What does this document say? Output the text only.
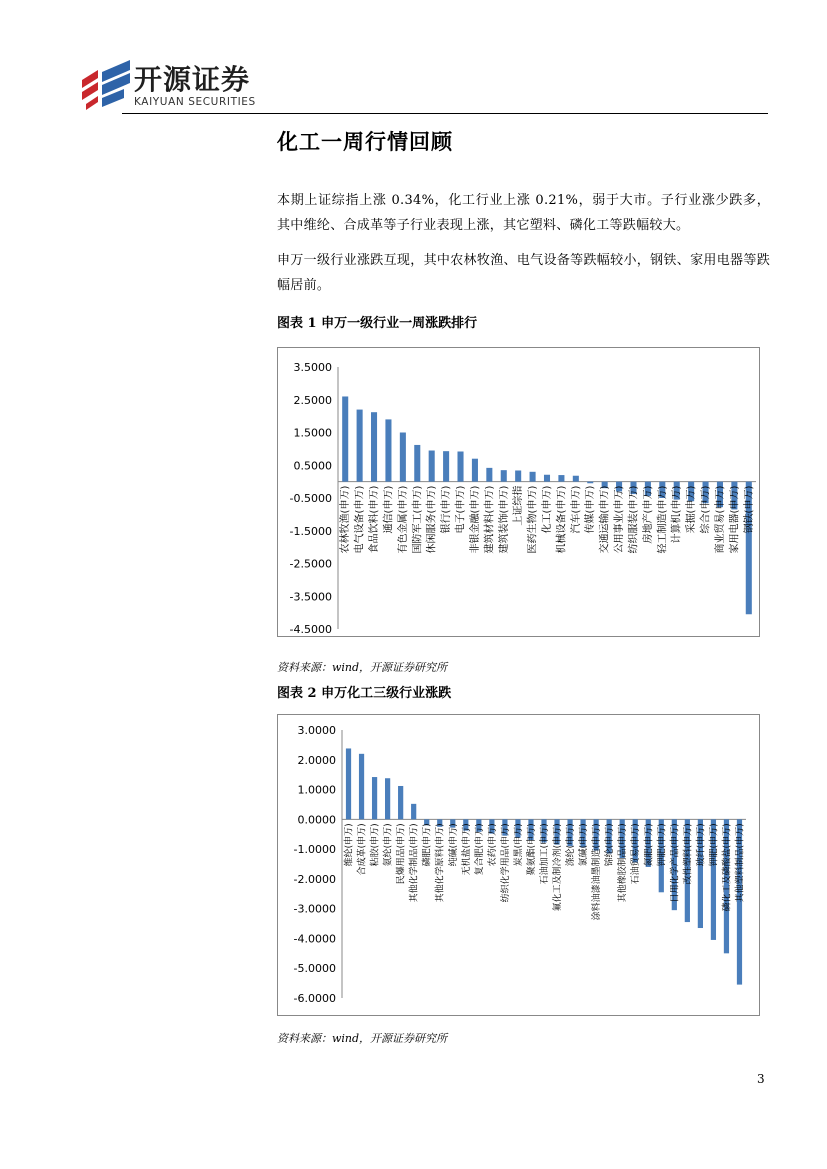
开源证券
KAIYUAN SECURITIES
化工一周行情回顾
本期上证综指上涨 0.34%，化工行业上涨 0.21%，弱于大市。子行业涨少跌多，其中维纶、合成革等子行业表现上涨，其它塑料、磷化工等跌幅较大。
申万一级行业涨跌互现，其中农林牧渔、电气设备等跌幅较小，钢铁、家用电器等跌幅居前。
图表 1 申万一级行业一周涨跌排行
3.5000
2.5000
1.5000
0.5000
-0.5000
-1.5000
-2.5000
-3.5000
-4.5000
农林牧渔(申万) 电气设备(申万) 食品饮料(申万) 通信(申万) 有色金属(申万) 国防军工(申万) 休闲服务(申万) 银行(申万) 电子(申万) 非银金融(申万) 建筑材料(申万) 建筑装饰(申万) 上证综指 医药生物(申万) 化工(申万) 机械设备(申万) 汽车(申万) 传媒(申万) 交通运输(申万) 公用事业(申万) 纺织服装(申万) 房地产(申万) 轻工制造(申万) 计算机(申万) 采掘(申万) 综合(申万) 商业贸易(申万) 家用电器(申万) 钢铁(申万)
资料来源：wind，开源证券研究所
图表 2 申万化工三级行业涨跌
3.0000
2.0000
1.0000
0.0000
-1.0000
-2.0000
-3.0000
-4.0000
-5.0000
-6.0000
维纶(申万) 合成革(申万) 粘胶(申万) 氨纶(申万) 民爆用品(申万) 其他化学制品(申万) 磷肥(申万) 其他化学原料(申万) 纯碱(申万) 无机盐(申万) 复合肥(申万) 农药(申万) 纺织化学用品(申万) 炭黑(申万) 聚氨酯(申万) 石油加工(申万) 氟化工及制冷剂(申万) 涤纶(申万) 氯碱(申万) 涂料油漆油墨制造(申万) 锦纶(申万) 其他橡胶制品(申万) 石油贸易(申万) 氮肥(申万) 钾肥(申万) 日用化学产品(申万) 改性塑料(申万) 玻纤(申万) 钾肥(申万) 磷化工及磷酸盐(申万) 其他塑料制品(申万)
资料来源：wind，开源证券研究所
3
